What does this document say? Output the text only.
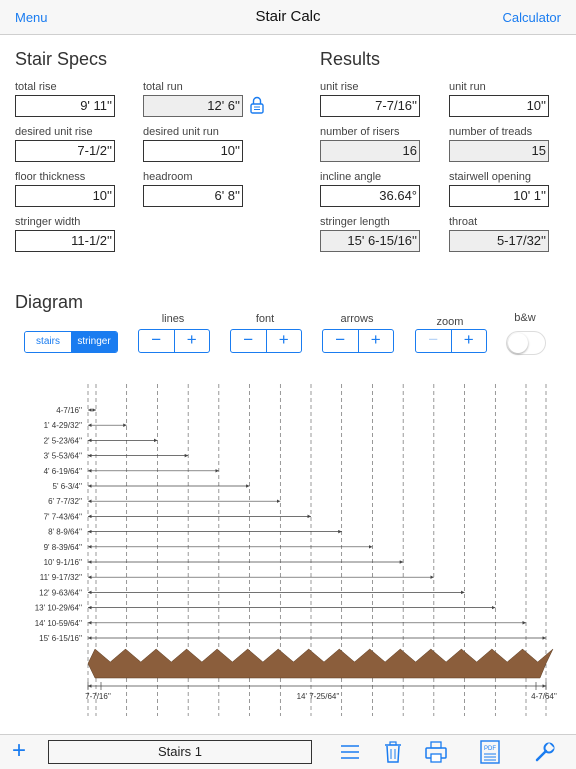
Menu	Stair Calc	Calculator
Stair Specs
total rise
9' 11''
total run
12' 6''
desired unit rise
7-1/2''
desired unit run
10''
floor thickness
10''
headroom
6' 8''
stringer width
11-1/2''
Results
unit rise
7-7/16''
unit run
10''
number of risers
16
number of treads
15
incline angle
36.64°
stairwell opening
10' 1''
stringer length
15' 6-15/16''
throat
5-17/32''
Diagram
stairs	stringer
lines
−	+
font
−	+
arrows
−	+
zoom
−	+
b&w
4-7/16''
1' 4-29/32''
2' 5-23/64''
3' 5-53/64''
4' 6-19/64''
5' 6-3/4''
6' 7-7/32''
7' 7-43/64''
8' 8-9/64''
9' 8-39/64''
10' 9-1/16''
11' 9-17/32''
12' 9-63/64''
13' 10-29/64''
14' 10-59/64''
15' 6-15/16''
7-7/16''	14' 7-25/64''	4-7/64''
+	Stairs 1	PDF
